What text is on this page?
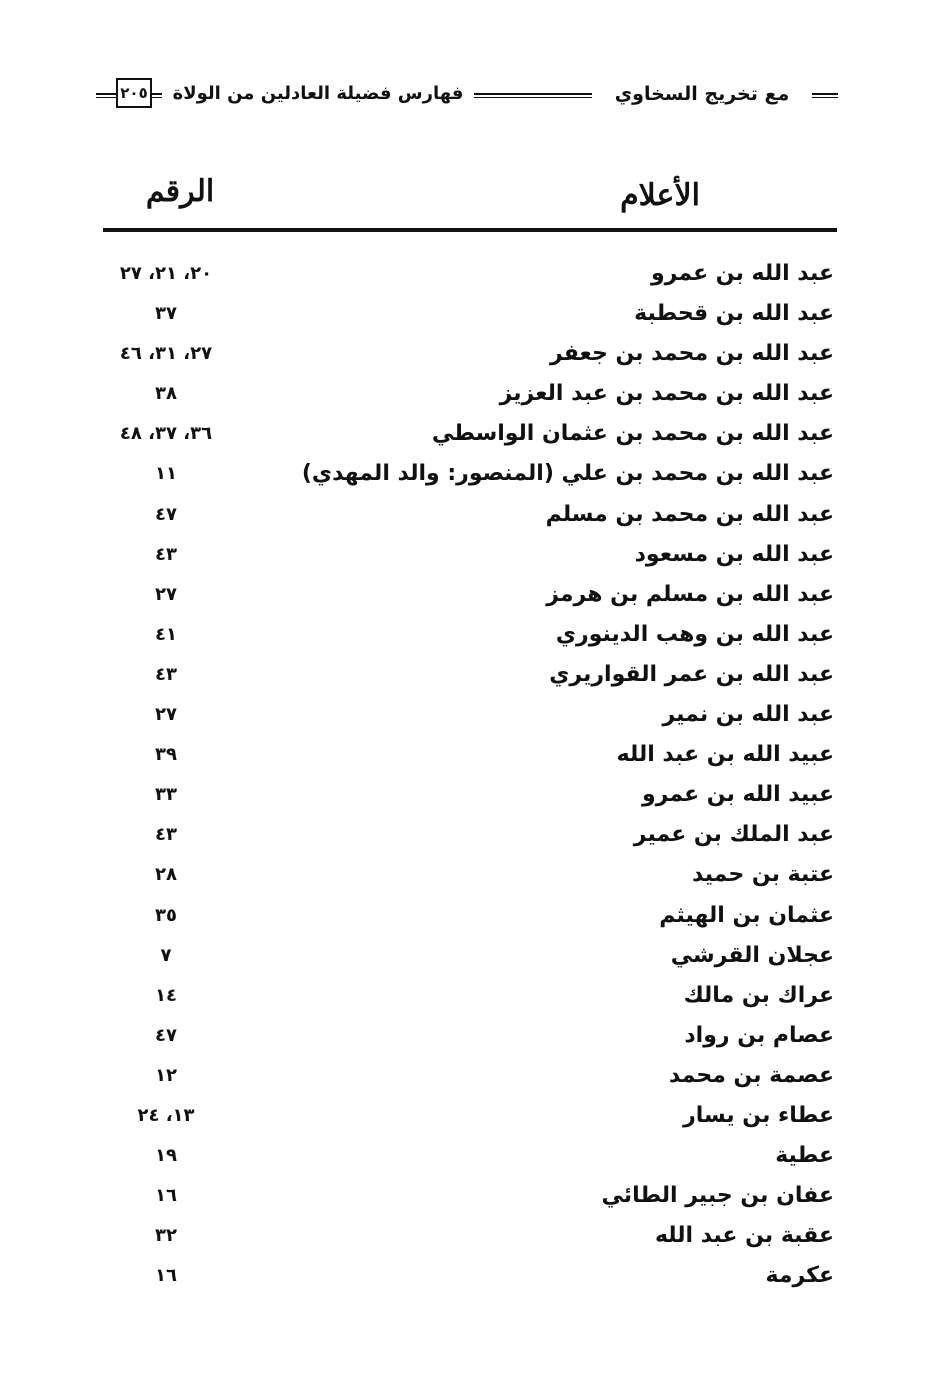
٢٠٥	فهارس فضيلة العادلين من الولاة	مع تخريج السخاوي
الأعلام
الرقم
عبد الله بن عمرو
٢٠، ٢١، ٢٧
عبد الله بن قحطبة
٣٧
عبد الله بن محمد بن جعفر
٢٧، ٣١، ٤٦
عبد الله بن محمد بن عبد العزيز
٣٨
عبد الله بن محمد بن عثمان الواسطي
٣٦، ٣٧، ٤٨
عبد الله بن محمد بن علي (المنصور: والد المهدي)
١١
عبد الله بن محمد بن مسلم
٤٧
عبد الله بن مسعود
٤٣
عبد الله بن مسلم بن هرمز
٢٧
عبد الله بن وهب الدينوري
٤١
عبد الله بن عمر القواريري
٤٣
عبد الله بن نمير
٢٧
عبيد الله بن عبد الله
٣٩
عبيد الله بن عمرو
٣٣
عبد الملك بن عمير
٤٣
عتبة بن حميد
٢٨
عثمان بن الهيثم
٣٥
عجلان القرشي
٧
عراك بن مالك
١٤
عصام بن رواد
٤٧
عصمة بن محمد
١٢
عطاء بن يسار
١٣، ٢٤
عطية
١٩
عفان بن جبير الطائي
١٦
عقبة بن عبد الله
٣٢
عكرمة
١٦
